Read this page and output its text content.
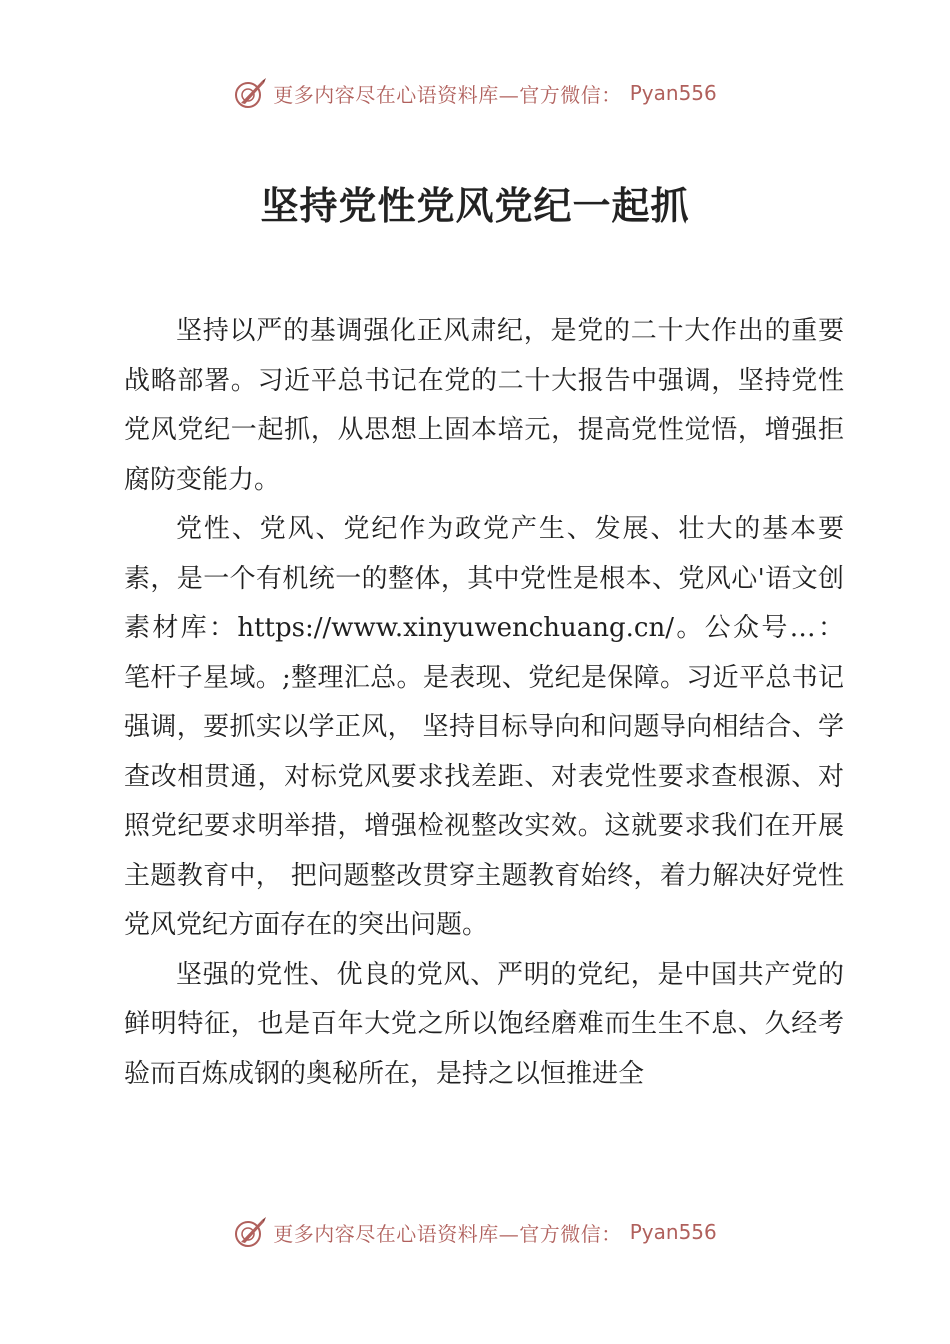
更多内容尽在心语资料库—官方微信： Pyan556
坚持党性党风党纪一起抓

坚持以严的基调强化正风肃纪，是党的二十大作出的重要战略部署。习近平总书记在党的二十大报告中强调，坚持党性党风党纪一起抓，从思想上固本培元，提高党性觉悟，增强拒腐防变能力。

党性、党风、党纪作为政党产生、发展、壮大的基本要素，是一个有机统一的整体，其中党性是根本、党风心'语文创素材库：https://www.xinyuwenchuang.cn/。公众号…：笔杆子星域。;整理汇总。是表现、党纪是保障。习近平总书记强调，要抓实以学正风， 坚持目标导向和问题导向相结合、学查改相贯通，对标党风要求找差距、对表党性要求查根源、对照党纪要求明举措，增强检视整改实效。这就要求我们在开展主题教育中， 把问题整改贯穿主题教育始终，着力解决好党性党风党纪方面存在的突出问题。

坚强的党性、优良的党风、严明的党纪，是中国共产党的鲜明特征，也是百年大党之所以饱经磨难而生生不息、久经考验而百炼成钢的奥秘所在，是持之以恒推进全

更多内容尽在心语资料库—官方微信： Pyan556
